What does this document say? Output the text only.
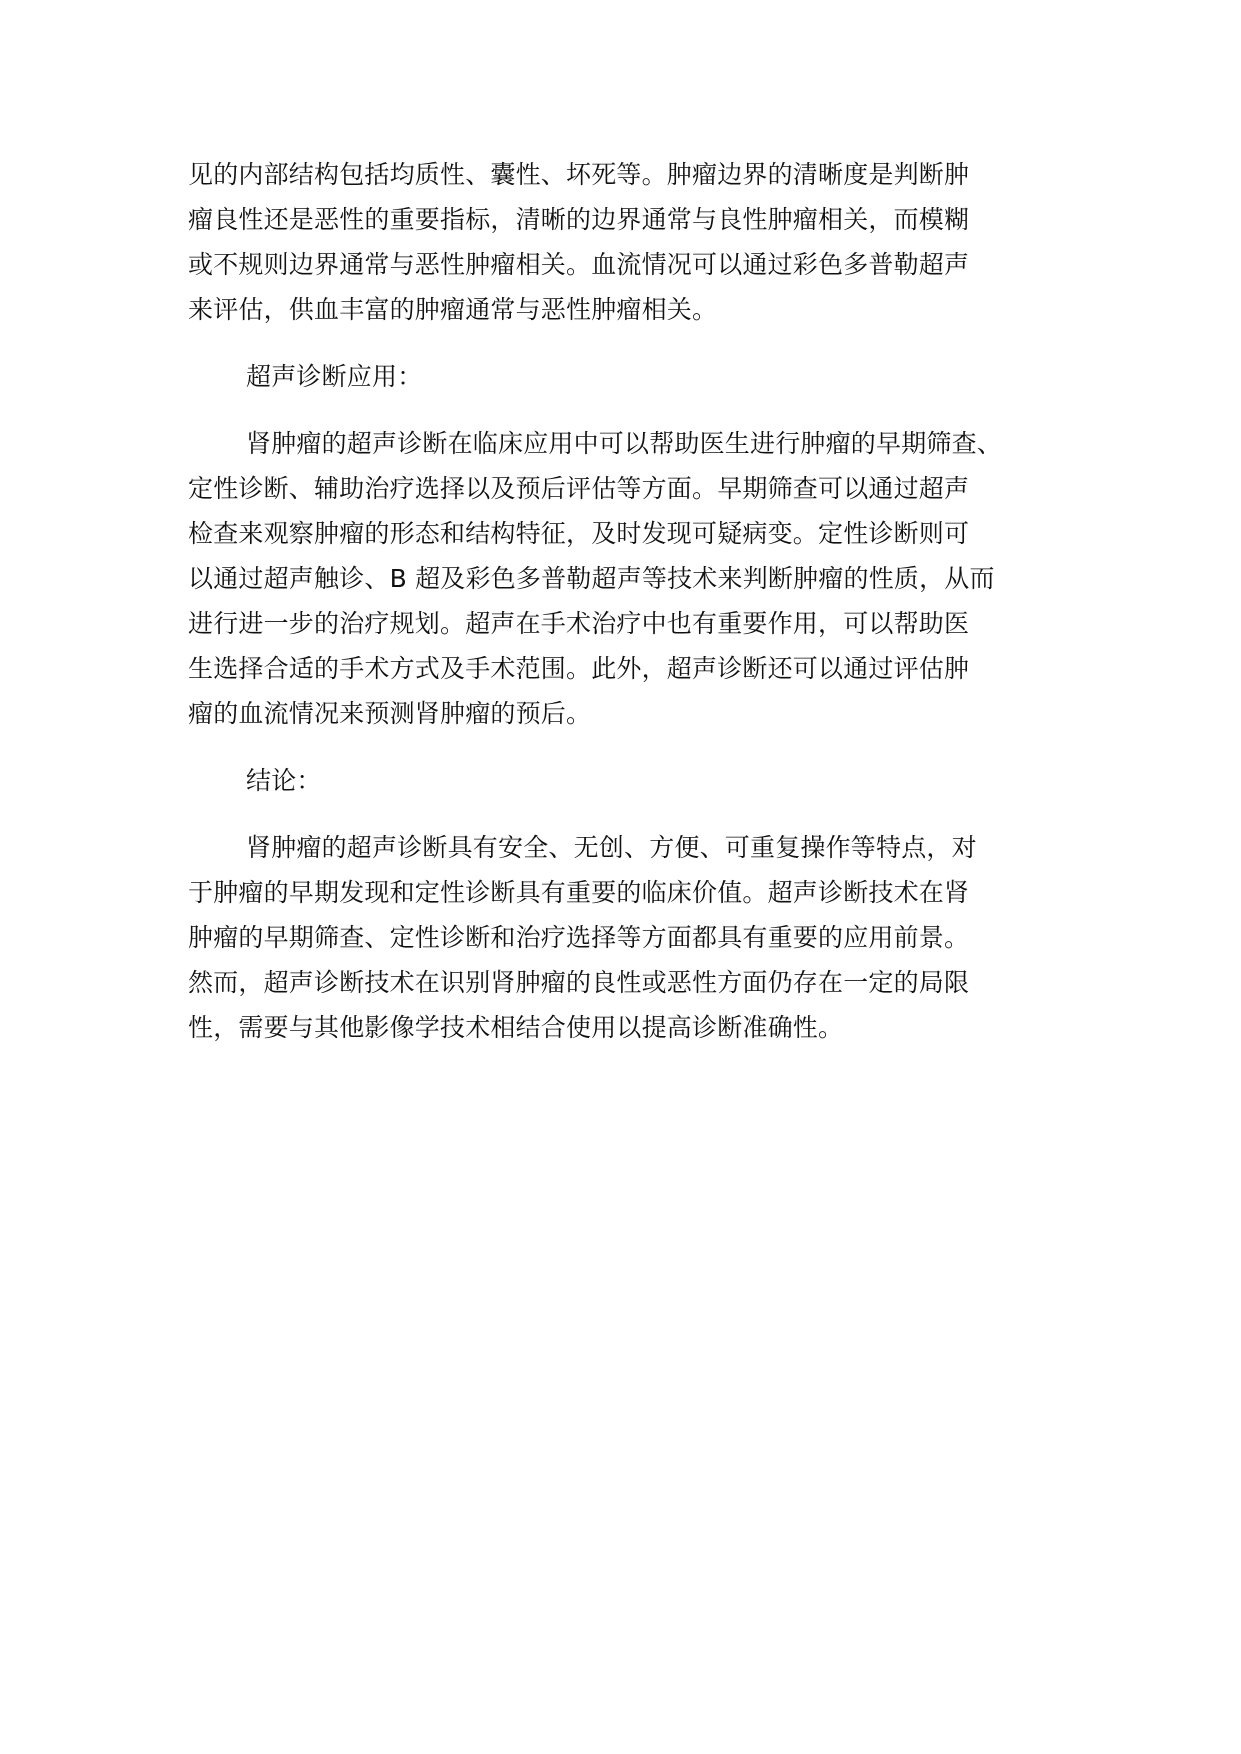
见的内部结构包括均质性、囊性、坏死等。肿瘤边界的清晰度是判断肿
瘤良性还是恶性的重要指标，清晰的边界通常与良性肿瘤相关，而模糊
或不规则边界通常与恶性肿瘤相关。血流情况可以通过彩色多普勒超声
来评估，供血丰富的肿瘤通常与恶性肿瘤相关。
超声诊断应用：
肾肿瘤的超声诊断在临床应用中可以帮助医生进行肿瘤的早期筛查、
定性诊断、辅助治疗选择以及预后评估等方面。早期筛查可以通过超声
检查来观察肿瘤的形态和结构特征，及时发现可疑病变。定性诊断则可
以通过超声触诊、B 超及彩色多普勒超声等技术来判断肿瘤的性质，从而
进行进一步的治疗规划。超声在手术治疗中也有重要作用，可以帮助医
生选择合适的手术方式及手术范围。此外，超声诊断还可以通过评估肿
瘤的血流情况来预测肾肿瘤的预后。
结论：
肾肿瘤的超声诊断具有安全、无创、方便、可重复操作等特点，对
于肿瘤的早期发现和定性诊断具有重要的临床价值。超声诊断技术在肾
肿瘤的早期筛查、定性诊断和治疗选择等方面都具有重要的应用前景。
然而，超声诊断技术在识别肾肿瘤的良性或恶性方面仍存在一定的局限
性，需要与其他影像学技术相结合使用以提高诊断准确性。
